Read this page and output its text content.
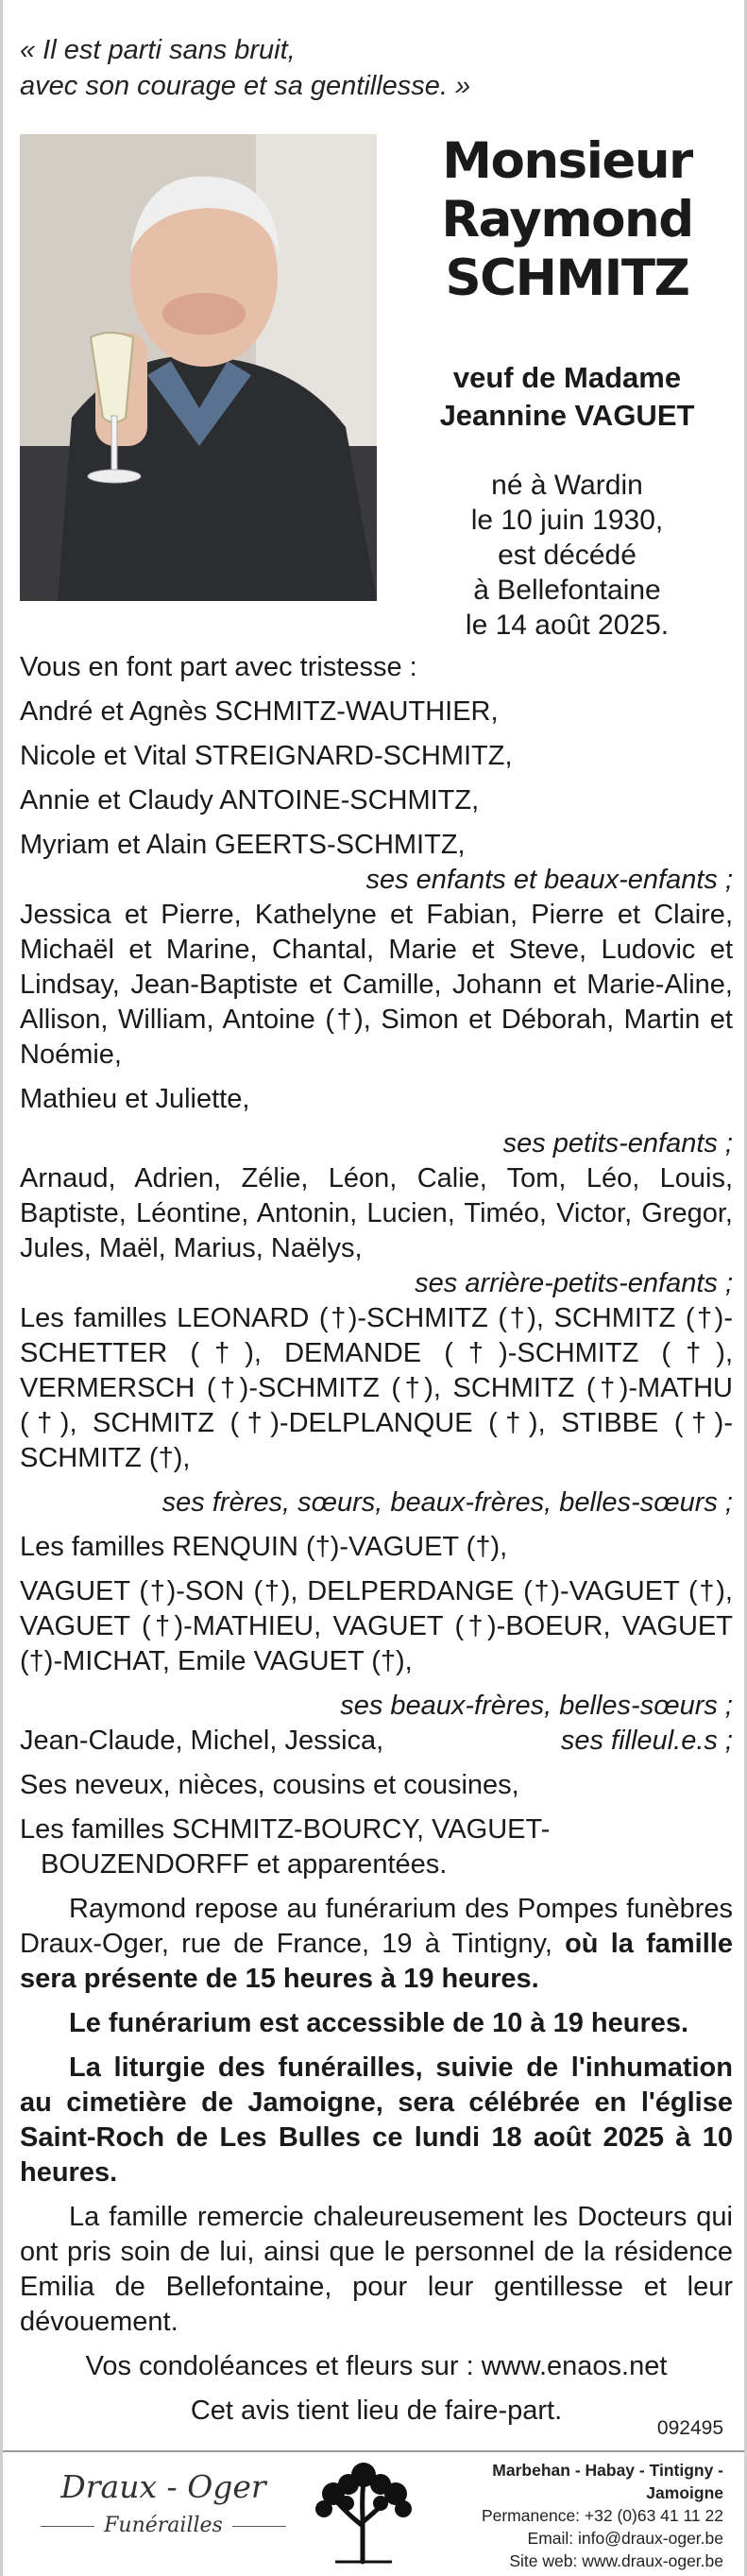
« Il est parti sans bruit,
avec son courage et sa gentillesse. »
Monsieur
Raymond
SCHMITZ
veuf de Madame
Jeannine VAGUET
né à Wardin
le 10 juin 1930,
est décédé
à Bellefontaine
le 14 août 2025.

Vous en font part avec tristesse :

André et Agnès SCHMITZ-WAUTHIER,

Nicole et Vital STREIGNARD-SCHMITZ,

Annie et Claudy ANTOINE-SCHMITZ,

Myriam et Alain GEERTS-SCHMITZ,

ses enfants et beaux-enfants ;

Jessica et Pierre, Kathelyne et Fabian, Pierre et Claire, Michaël et Marine, Chantal, Marie et Steve, Ludovic et Lindsay, Jean-Baptiste et Camille, Johann et Marie-Aline, Allison, William, Antoine (†), Simon et Déborah, Martin et Noémie,

Mathieu et Juliette,

ses petits-enfants ;

Arnaud, Adrien, Zélie, Léon, Calie, Tom, Léo, Louis, Baptiste, Léontine, Antonin, Lucien, Timéo, Victor, Gregor, Jules, Maël, Marius, Naëlys,

ses arrière-petits-enfants ;

Les familles LEONARD (†)-SCHMITZ (†), SCHMITZ (†)-SCHETTER (†), DEMANDE (†)-SCHMITZ (†), VERMERSCH (†)-SCHMITZ (†), SCHMITZ (†)-MATHU (†), SCHMITZ (†)-DELPLANQUE (†), STIBBE (†)-SCHMITZ (†),

ses frères, sœurs, beaux-frères, belles-sœurs ;

Les familles RENQUIN (†)-VAGUET (†),

VAGUET (†)-SON (†), DELPERDANGE (†)-VAGUET (†), VAGUET (†)-MATHIEU, VAGUET (†)-BOEUR, VAGUET (†)-MICHAT, Emile VAGUET (†),

ses beaux-frères, belles-sœurs ;

Jean-Claude, Michel, Jessica,	ses filleul.e.s ;

Ses neveux, nièces, cousins et cousines,

Les familles SCHMITZ-BOURCY, VAGUET-BOUZENDORFF et apparentées.

Raymond repose au funérarium des Pompes funèbres Draux-Oger, rue de France, 19 à Tintigny, où la famille sera présente de 15 heures à 19 heures.

Le funérarium est accessible de 10 à 19 heures.

La liturgie des funérailles, suivie de l'inhumation au cimetière de Jamoigne, sera célébrée en l'église Saint-Roch de Les Bulles ce lundi 18 août 2025 à 10 heures.

La famille remercie chaleureusement les Docteurs qui ont pris soin de lui, ainsi que le personnel de la résidence Emilia de Bellefontaine, pour leur gentillesse et leur dévouement.

Vos condoléances et fleurs sur : www.enaos.net

Cet avis tient lieu de faire-part.

092495
Draux - Oger
Funérailles
Marbehan - Habay - Tintigny - Jamoigne
Permanence: +32 (0)63 41 11 22
Email: info@draux-oger.be
Site web: www.draux-oger.be
